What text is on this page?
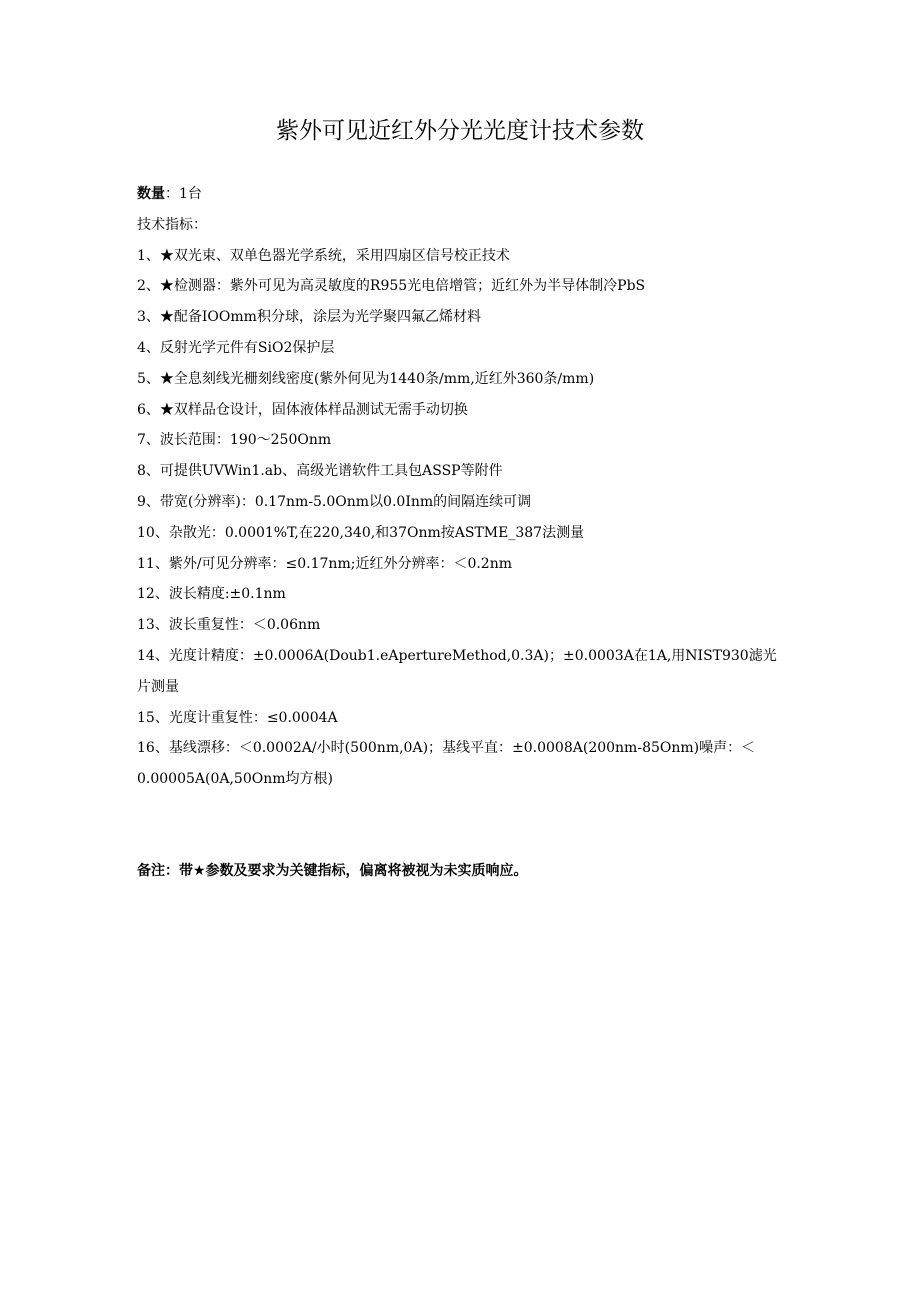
紫外可见近红外分光光度计技术参数
数量：1台
技术指标：
1、★双光束、双单色器光学系统，采用四扇区信号校正技术
2、★检测器：紫外可见为高灵敏度的R955光电倍增管；近红外为半导体制冷PbS
3、★配备IOOmm积分球，涂层为光学聚四氟乙烯材料
4、反射光学元件有SiO2保护层
5、★全息刻线光栅刻线密度(紫外何见为1440条∕mm,近红外360条∕mm)
6、★双样品仓设计，固体液体样品测试无需手动切换
7、波长范围：190～250Onm
8、可提供UVWin1.ab、高级光谱软件工具包ASSP等附件
9、带宽(分辨率)：0.17nm-5.0Onm以0.0Inm的间隔连续可调
10、杂散光：0.0001%T,在220,340,和37Onm按ASTME_387法测量
11、紫外/可见分辨率：≤0.17nm;近红外分辨率：＜0.2nm
12、波长精度:±0.1nm
13、波长重复性：＜0.06nm
14、光度计精度：±0.0006A(Doub1.eApertureMethod,0.3A)；±0.0003A在1A,用NIST930滤光片测量
15、光度计重复性：≤0.0004A
16、基线漂移：＜0.0002A/小时(500nm,0A)；基线平直：±0.0008A(200nm-85Onm)噪声：＜0.00005A(0A,50Onm均方根)
备注：带★参数及要求为关键指标，偏离将被视为未实质响应。
